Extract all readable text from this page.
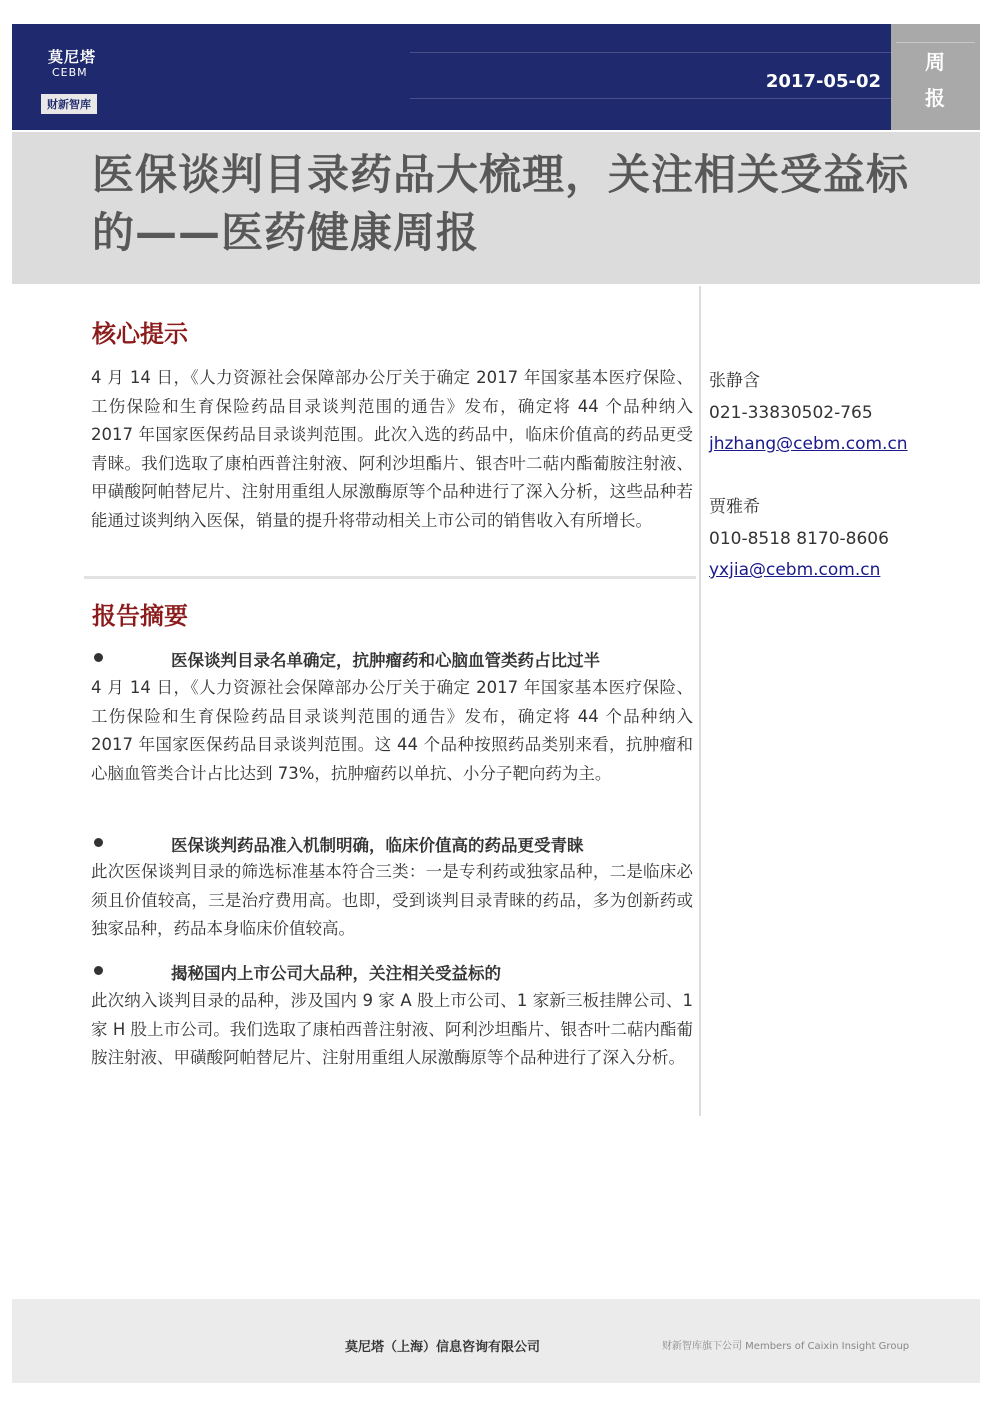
莫尼塔
CEBM
财新智库
2017-05-02
周报
医保谈判目录药品大梳理，关注相关受益标的——医药健康周报
核心提示
4 月 14 日，《人力资源社会保障部办公厅关于确定 2017 年国家基本医疗保险、工伤保险和生育保险药品目录谈判范围的通告》发布，确定将 44 个品种纳入 2017 年国家医保药品目录谈判范围。此次入选的药品中，临床价值高的药品更受青睐。我们选取了康柏西普注射液、阿利沙坦酯片、银杏叶二萜内酯葡胺注射液、甲磺酸阿帕替尼片、注射用重组人尿激酶原等个品种进行了深入分析，这些品种若能通过谈判纳入医保，销量的提升将带动相关上市公司的销售收入有所增长。
报告摘要
医保谈判目录名单确定，抗肿瘤药和心脑血管类药占比过半
4 月 14 日，《人力资源社会保障部办公厅关于确定 2017 年国家基本医疗保险、工伤保险和生育保险药品目录谈判范围的通告》发布，确定将 44 个品种纳入 2017 年国家医保药品目录谈判范围。这 44 个品种按照药品类别来看，抗肿瘤和心脑血管类合计占比达到 73%，抗肿瘤药以单抗、小分子靶向药为主。
医保谈判药品准入机制明确，临床价值高的药品更受青睐
此次医保谈判目录的筛选标准基本符合三类：一是专利药或独家品种，二是临床必须且价值较高，三是治疗费用高。也即，受到谈判目录青睐的药品，多为创新药或独家品种，药品本身临床价值较高。
揭秘国内上市公司大品种，关注相关受益标的
此次纳入谈判目录的品种，涉及国内 9 家 A 股上市公司、1 家新三板挂牌公司、1 家 H 股上市公司。我们选取了康柏西普注射液、阿利沙坦酯片、银杏叶二萜内酯葡胺注射液、甲磺酸阿帕替尼片、注射用重组人尿激酶原等个品种进行了深入分析。
张静含
021-33830502-765
jhzhang@cebm.com.cn
贾雅希
010-8518 8170-8606
yxjia@cebm.com.cn
莫尼塔（上海）信息咨询有限公司	财新智库旗下公司 Members of Caixin Insight Group
